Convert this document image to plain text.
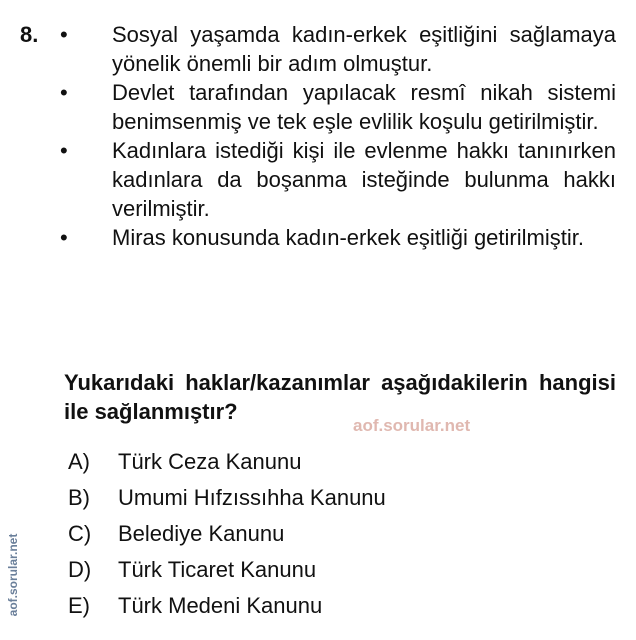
8. •	Sosyal yaşamda kadın-erkek eşitliğini sağlamaya yönelik önemli bir adım olmuştur.
•	Devlet tarafından yapılacak resmî nikah sistemi benimsenmiş ve tek eşle evlilik koşulu getirilmiştir.
•	Kadınlara istediği kişi ile evlenme hakkı tanınırken kadınlara da boşanma isteğinde bulunma hakkı verilmiştir.
•	Miras konusunda kadın-erkek eşitliği getirilmiştir.
Yukarıdaki haklar/kazanımlar aşağıdakilerin hangisi ile sağlanmıştır?
aof.sorular.net
A)	Türk Ceza Kanunu
B)	Umumi Hıfzıssıhha Kanunu
C)	Belediye Kanunu
D)	Türk Ticaret Kanunu
E)	Türk Medeni Kanunu
aof.sorular.net
